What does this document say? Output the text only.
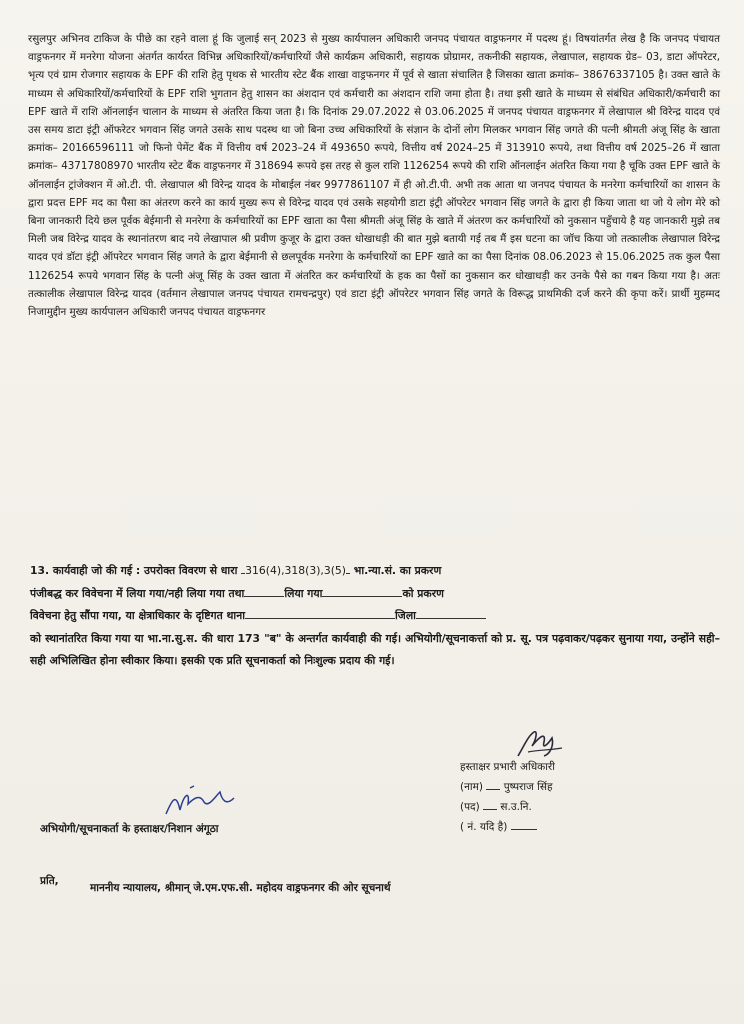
रसुलपुर अभिनव टाकिज के पीछे का रहने वाला हूं कि जुलाई सन् 2023 से मुख्य कार्यपालन अधिकारी जनपद पंचायत वाड्रफनगर में पदस्थ हूं। विषयांतर्गत लेख है कि जनपद पंचायत वाड्रफनगर में मनरेगा योजना अंतर्गत कार्यरत विभिन्न अधिकारियों/कर्मचारियों जैसे कार्यक्रम अधिकारी, सहायक प्रोग्रामर, तकनीकी सहायक, लेखापाल, सहायक ग्रेड– 03, डाटा ऑपरेटर, भृत्य एवं ग्राम रोजगार सहायक के EPF की राशि हेतु पृथक से भारतीय स्टेट बैंक शाखा वाड्रफनगर में पूर्व से खाता संचालित है जिसका खाता क्रमांक– 38676337105 है। उक्त खाते के माध्यम से अधिकारियों/कर्मचारियों के EPF राशि भुगतान हेतु शासन का अंशदान एवं कर्मचारी का अंशदान राशि जमा होता है। तथा इसी खाते के माध्यम से संबंधित अधिकारी/कर्मचारी का EPF खाते में राशि ऑनलाईन चालान के माध्यम से अंतरित किया जता है। कि दिनांक 29.07.2022 से 03.06.2025 में जनपद पंचायत वाड्रफनगर में लेखापाल श्री विरेन्द्र यादव एवं उस समय डाटा इंट्री ऑफरेटर भगवान सिंह जगते उसके साथ पदस्थ था जो बिना उच्च अधिकारियों के संज्ञान के दोनों लोग मिलकर भगवान सिंह जगते की पत्नी श्रीमती अंजू सिंह के खाता क्रमांक– 20166596111 जो फिनो पेमेंट बैंक में वित्तीय वर्ष 2023–24 में 493650 रूपये, वित्तीय वर्ष 2024–25 में 313910 रूपये, तथा वित्तीय वर्ष 2025–26 में खाता क्रमांक– 43717808970 भारतीय स्टेट बैंक वाड्रफनगर में 318694 रूपये इस तरह से कुल राशि 1126254 रूपये की राशि ऑनलाईन अंतरित किया गया है चूकि उक्त EPF खाते के ऑनलाईन ट्रांजेक्शन में ओ.टी. पी. लेखापाल श्री विरेन्द्र यादव के मोबाईल नंबर 9977861107 में ही ओ.टी.पी. अभी तक आता था जनपद पंचायत के मनरेगा कर्मचारियों का शासन के द्वारा प्रदत्त EPF मद का पैसा का अंतरण करने का कार्य मुख्य रूप से विरेन्द्र यादव एवं उसके सहयोगी डाटा इंट्री ऑपरेटर भगवान सिंह जगते के द्वारा ही किया जाता था जो ये लोग मेरे को बिना जानकारी दिये छल पूर्वक बेईमानी से मनरेगा के कर्मचारियों का EPF खाता का पैसा श्रीमती अंजू सिंह के खाते में अंतरण कर कर्मचारियों को नुकसान पहुँचाये है यह जानकारी मुझे तब मिली जब विरेन्द्र यादव के स्थानांतरण बाद नये लेखापाल श्री प्रवीण कुजूर के द्वारा उक्त धोखाधड़ी की बात मुझे बतायी गई तब मैं इस घटना का जॉच किया जो तत्कालीक लेखापाल विरेन्द्र यादव एवं डॉटा इंट्री ऑपरेटर भगवान सिंह जगते के द्वारा बेईमानी से छलपूर्वक मनरेगा के कर्मचारियों का EPF खाते का का पैसा दिनांक 08.06.2023 से 15.06.2025 तक कुल पैसा 1126254 रूपये भगवान सिंह के पत्नी अंजू सिंह के उक्त खाता में अंतरित कर कर्मचारियों के हक का पैसों का नुकसान कर धोखाधड़ी कर उनके पैसे का गबन किया गया है। अतः तत्कालीक लेखापाल विरेन्द्र यादव (वर्तमान लेखापाल जनपद पंचायत रामचन्द्रपुर) एवं डाटा इंट्री ऑपरेटर भगवान सिंह जगते के विरूद्ध प्राथमिकी दर्ज करने की कृपा करें। प्रार्थी मुहम्मद निजामुद्दीन मुख्य कार्यपालन अधिकारी जनपद पंचायत वाड्रफनगर

13. कार्यवाही जो की गई : उपरोक्त विवरण से धारा 316(4),318(3),3(5) भा.न्या.सं. का प्रकरण

पंजीबद्ध कर विवेचना में लिया गया/नही लिया गया तथा	लिया गया	को प्रकरण

विवेचना हेतु सौंपा गया, या क्षेत्राधिकार के दृष्टिगत थाना	जिला

को स्थानांतरित किया गया या भा.ना.सु.स. की धारा 173 "ब" के अन्तर्गत कार्यवाही की गई। अभियोगी/सूचनाकर्त्ता को प्र. सू. पत्र पढ़वाकर/पढ़कर सुनाया गया, उन्होंने सही–सही अभिलिखित होना स्वीकार किया। इसकी एक प्रति सूचनाकर्ता को निःशुल्क प्रदाय की गई।

हस्ताक्षर प्रभारी अधिकारी
(नाम) पुष्पराज सिंह
(पद) स.उ.नि.
( नं. यदि है)
अभियोगी/सूचनाकर्ता के हस्ताक्षर/निशान अंगूठा
प्रति,
माननीय न्यायालय, श्रीमान् जे.एम.एफ.सी. महोदय वाड्रफनगर की ओर सूचनार्थ
